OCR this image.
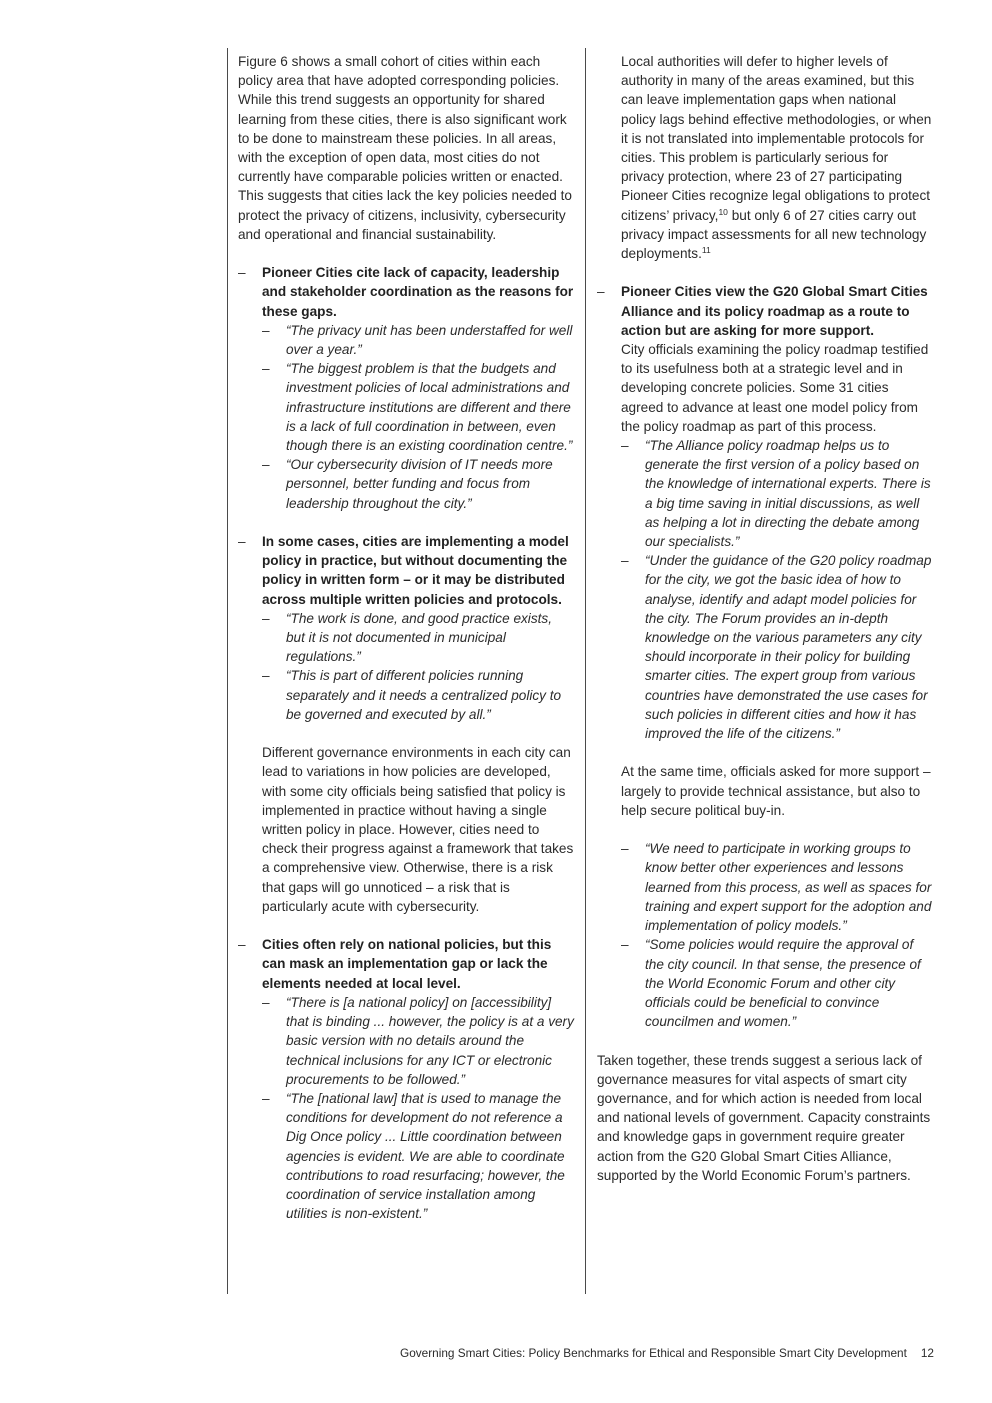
Figure 6 shows a small cohort of cities within each policy area that have adopted corresponding policies. While this trend suggests an opportunity for shared learning from these cities, there is also significant work to be done to mainstream these policies. In all areas, with the exception of open data, most cities do not currently have comparable policies written or enacted. This suggests that cities lack the key policies needed to protect the privacy of citizens, inclusivity, cybersecurity and operational and financial sustainability.

– Pioneer Cities cite lack of capacity, leadership and stakeholder coordination as the reasons for these gaps.

– “The privacy unit has been understaffed for well over a year.”
– “The biggest problem is that the budgets and investment policies of local administrations and infrastructure institutions are different and there is a lack of full coordination in between, even though there is an existing coordination centre.”
– “Our cybersecurity division of IT needs more personnel, better funding and focus from leadership throughout the city.”
– In some cases, cities are implementing a model policy in practice, but without documenting the policy in written form – or it may be distributed across multiple written policies and protocols.

– “The work is done, and good practice exists, but it is not documented in municipal regulations.”
– “This is part of different policies running separately and it needs a centralized policy to be governed and executed by all.”

Different governance environments in each city can lead to variations in how policies are developed, with some city officials being satisfied that policy is implemented in practice without having a single written policy in place. However, cities need to check their progress against a framework that takes a comprehensive view. Otherwise, there is a risk that gaps will go unnoticed – a risk that is particularly acute with cybersecurity.

– Cities often rely on national policies, but this can mask an implementation gap or lack the elements needed at local level.

– “There is [a national policy] on [accessibility] that is binding ... however, the policy is at a very basic version with no details around the technical inclusions for any ICT or electronic procurements to be followed.”
– “The [national law] that is used to manage the conditions for development do not reference a Dig Once policy ... Little coordination between agencies is evident. We are able to coordinate contributions to road resurfacing; however, the coordination of service installation among utilities is non-existent.”

Local authorities will defer to higher levels of authority in many of the areas examined, but this can leave implementation gaps when national policy lags behind effective methodologies, or when it is not translated into implementable protocols for cities. This problem is particularly serious for privacy protection, where 23 of 27 participating Pioneer Cities recognize legal obligations to protect citizens’ privacy,$^{10}$ but only 6 of 27 cities carry out privacy impact assessments for all new technology deployments.$^{11}$

– Pioneer Cities view the G20 Global Smart Cities Alliance and its policy roadmap as a route to action but are asking for more support.

City officials examining the policy roadmap testified to its usefulness both at a strategic level and in developing concrete policies. Some 31 cities agreed to advance at least one model policy from the policy roadmap as part of this process.

– “The Alliance policy roadmap helps us to generate the first version of a policy based on the knowledge of international experts. There is a big time saving in initial discussions, as well as helping a lot in directing the debate among our specialists.”
– “Under the guidance of the G20 policy roadmap for the city, we got the basic idea of how to analyse, identify and adapt model policies for the city. The Forum provides an in-depth knowledge on the various parameters any city should incorporate in their policy for building smarter cities. The expert group from various countries have demonstrated the use cases for such policies in different cities and how it has improved the life of the citizens.”

At the same time, officials asked for more support – largely to provide technical assistance, but also to help secure political buy-in.

– “We need to participate in working groups to know better other experiences and lessons learned from this process, as well as spaces for training and expert support for the adoption and implementation of policy models.”
– “Some policies would require the approval of the city council. In that sense, the presence of the World Economic Forum and other city officials could be beneficial to convince councilmen and women.”

Taken together, these trends suggest a serious lack of governance measures for vital aspects of smart city governance, and for which action is needed from local and national levels of government. Capacity constraints and knowledge gaps in government require greater action from the G20 Global Smart Cities Alliance, supported by the World Economic Forum’s partners.

Governing Smart Cities: Policy Benchmarks for Ethical and Responsible Smart City Development 12
